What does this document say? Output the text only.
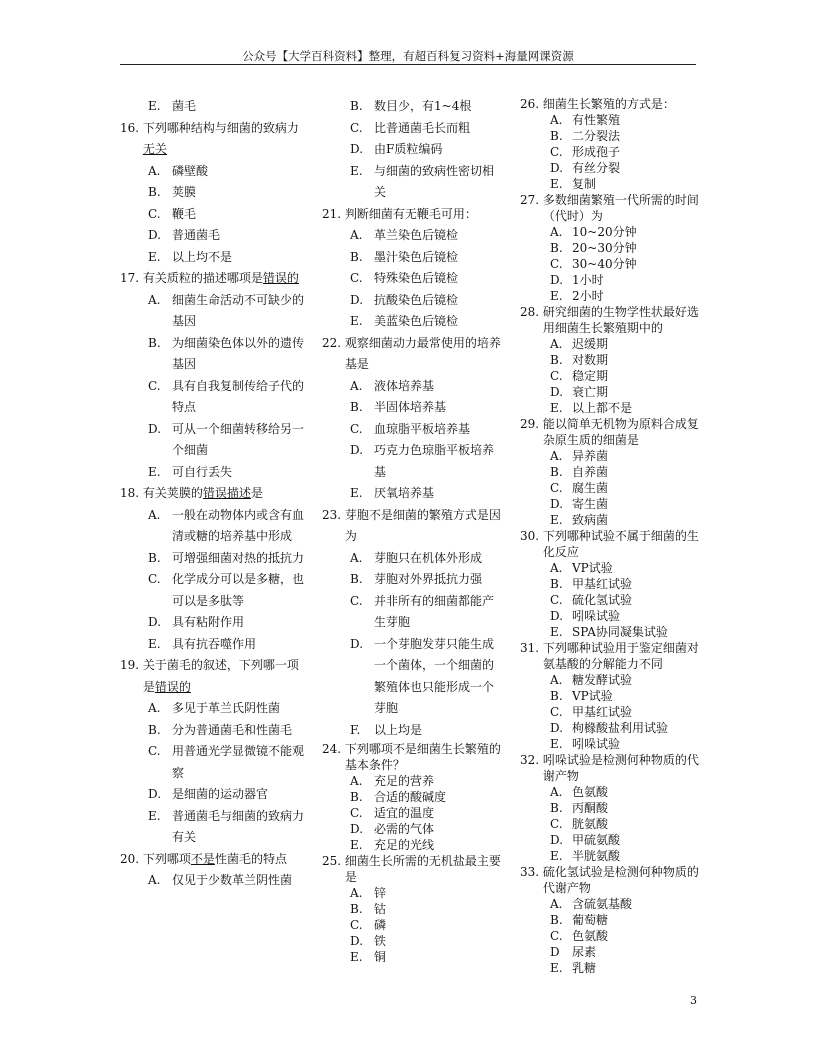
公众号【大学百科资料】整理，有超百科复习资料+海量网课资源
E. 菌毛
16. 下列哪种结构与细菌的致病力无关
A. 磷壁酸
B. 荚膜
C. 鞭毛
D. 普通菌毛
E. 以上均不是
17. 有关质粒的描述哪项是错误的
A. 细菌生命活动不可缺少的基因
B. 为细菌染色体以外的遗传基因
C. 具有自我复制传给子代的特点
D. 可从一个细菌转移给另一个细菌
E. 可自行丢失
18. 有关荚膜的错误描述是
A. 一般在动物体内或含有血清或糖的培养基中形成
B. 可增强细菌对热的抵抗力
C. 化学成分可以是多糖，也可以是多肽等
D. 具有粘附作用
E. 具有抗吞噬作用
19. 关于菌毛的叙述，下列哪一项是错误的
A. 多见于革兰氏阴性菌
B. 分为普通菌毛和性菌毛
C. 用普通光学显微镜不能观察
D. 是细菌的运动器官
E. 普通菌毛与细菌的致病力有关
20. 下列哪项不是性菌毛的特点
A. 仅见于少数革兰阴性菌
B. 数目少，有1~4根
C. 比普通菌毛长而粗
D. 由F质粒编码
E. 与细菌的致病性密切相关
21. 判断细菌有无鞭毛可用：
A. 革兰染色后镜检
B. 墨汁染色后镜检
C. 特殊染色后镜检
D. 抗酸染色后镜检
E. 美蓝染色后镜检
22. 观察细菌动力最常使用的培养基是
A. 液体培养基
B. 半固体培养基
C. 血琼脂平板培养基
D. 巧克力色琼脂平板培养基
E. 厌氧培养基
23. 芽胞不是细菌的繁殖方式是因为
A. 芽胞只在机体外形成
B. 芽胞对外界抵抗力强
C. 并非所有的细菌都能产生芽胞
D. 一个芽胞发芽只能生成一个菌体，一个细菌的繁殖体也只能形成一个芽胞
F.	以上均是
24. 下列哪项不是细菌生长繁殖的基本条件？
A. 充足的营养
B. 合适的酸碱度
C. 适宜的温度
D. 必需的气体
E. 充足的光线
25. 细菌生长所需的无机盐最主要是
A. 锌
B. 钴
C. 磷
D. 铁
E. 铜
26. 细菌生长繁殖的方式是：
A. 有性繁殖
B. 二分裂法
C. 形成孢子
D. 有丝分裂
E. 复制
27. 多数细菌繁殖一代所需的时间（代时）为
A. 10~20分钟
B. 20~30分钟
C. 30~40分钟
D. 1小时
E. 2小时
28. 研究细菌的生物学性状最好选用细菌生长繁殖期中的
A. 迟缓期
B. 对数期
C. 稳定期
D. 衰亡期
E. 以上都不是
29. 能以简单无机物为原料合成复杂原生质的细菌是
A. 异养菌
B. 自养菌
C. 腐生菌
D. 寄生菌
E. 致病菌
30. 下列哪种试验不属于细菌的生化反应
A. VP试验
B. 甲基红试验
C. 硫化氢试验
D. 吲哚试验
E. SPA协同凝集试验
31. 下列哪种试验用于鉴定细菌对氨基酸的分解能力不同
A. 糖发酵试验
B. VP试验
C. 甲基红试验
D. 枸橼酸盐利用试验
E. 吲哚试验
32. 吲哚试验是检测何种物质的代谢产物
A. 色氨酸
B. 丙酮酸
C. 胱氨酸
D. 甲硫氨酸
E. 半胱氨酸
33. 硫化氢试验是检测何种物质的代谢产物
A. 含硫氨基酸
B. 葡萄糖
C. 色氨酸
D	尿素
E. 乳糖
3
